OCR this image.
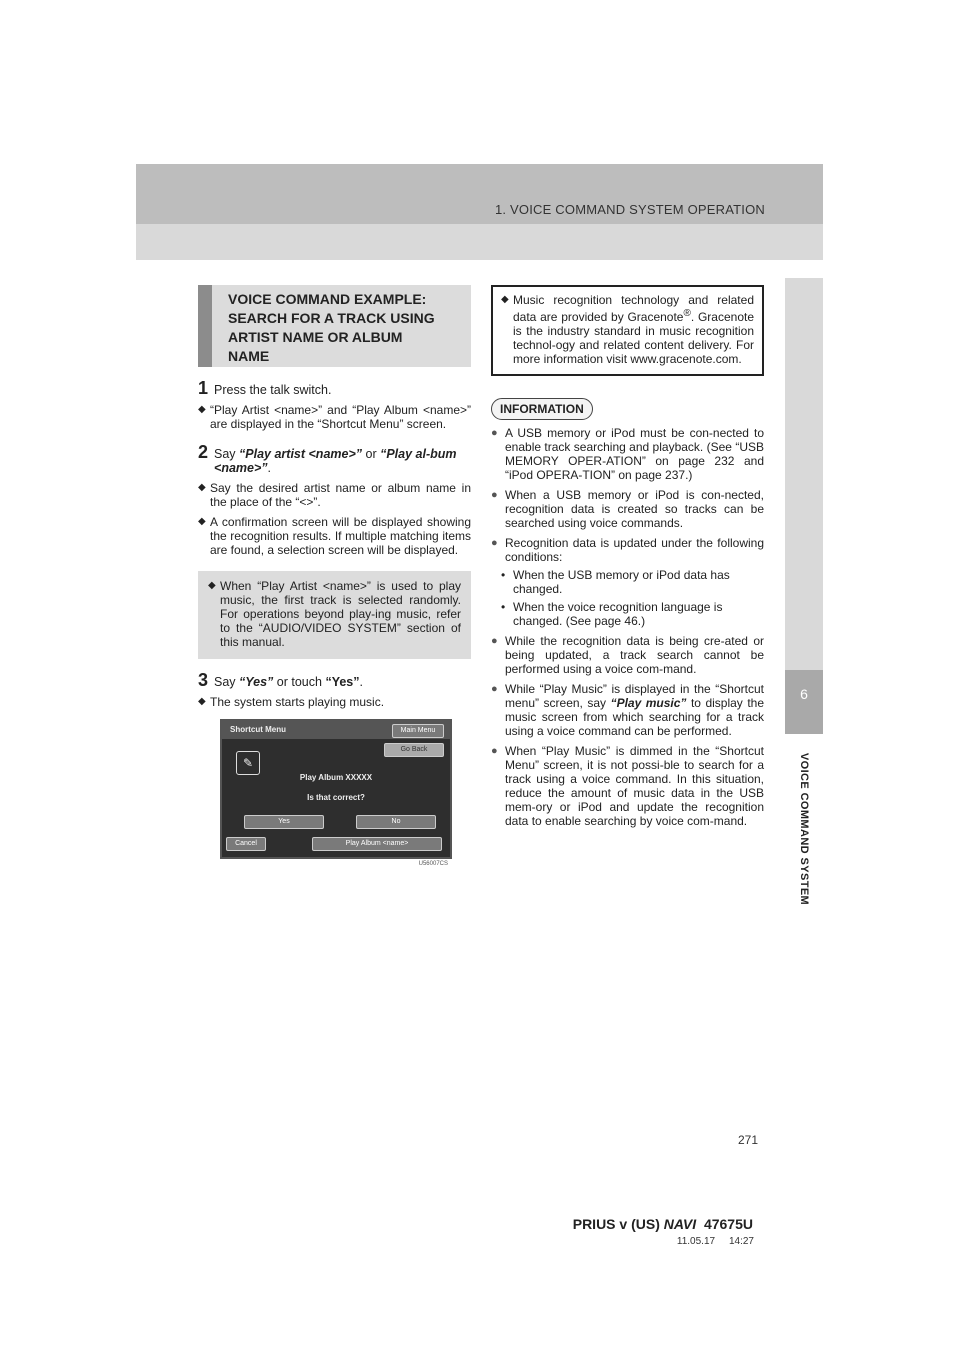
1. VOICE COMMAND SYSTEM OPERATION
6
VOICE COMMAND SYSTEM
VOICE COMMAND EXAMPLE:
SEARCH FOR A TRACK USING
ARTIST NAME OR ALBUM
NAME
1 Press the talk switch.
◆ “Play Artist <name>” and “Play Album <name>” are displayed in the “Shortcut Menu” screen.
2 Say “Play artist <name>” or “Play al-bum <name>”.
◆ Say the desired artist name or album name in the place of the “<>”.
◆ A confirmation screen will be displayed showing the recognition results. If multiple matching items are found, a selection screen will be displayed.
◆ When “Play Artist <name>” is used to play music, the first track is selected randomly. For operations beyond play-ing music, refer to the “AUDIO/VIDEO SYSTEM” section of this manual.
3 Say “Yes” or touch “Yes”.
◆ The system starts playing music.
Shortcut Menu	Main Menu
Go Back
✎
Play Album XXXXX
Is that correct?
Yes	No
Cancel	Play Album <name>
U56007CS
◆ Music recognition technology and related data are provided by Gracenote®. Gracenote is the industry standard in music recognition technol-ogy and related content delivery. For more information visit www.gracenote.com.
INFORMATION
● A USB memory or iPod must be con-nected to enable track searching and playback. (See “USB MEMORY OPER-ATION” on page 232 and “iPod OPERA-TION” on page 237.)
● When a USB memory or iPod is con-nected, recognition data is created so tracks can be searched using voice commands.
● Recognition data is updated under the following conditions:
• When the USB memory or iPod data has changed.
• When the voice recognition language is changed. (See page 46.)
● While the recognition data is being cre-ated or being updated, a track search cannot be performed using a voice com-mand.
● While “Play Music” is displayed in the “Shortcut menu” screen, say “Play music” to display the music screen from which searching for a track using a voice command can be performed.
● When “Play Music” is dimmed in the “Shortcut Menu” screen, it is not possi-ble to search for a track using a voice command. In this situation, reduce the amount of music data in the USB mem-ory or iPod and update the recognition data to enable searching by voice com-mand.
271
PRIUS v (US) NAVI  47675U
11.05.17     14:27
